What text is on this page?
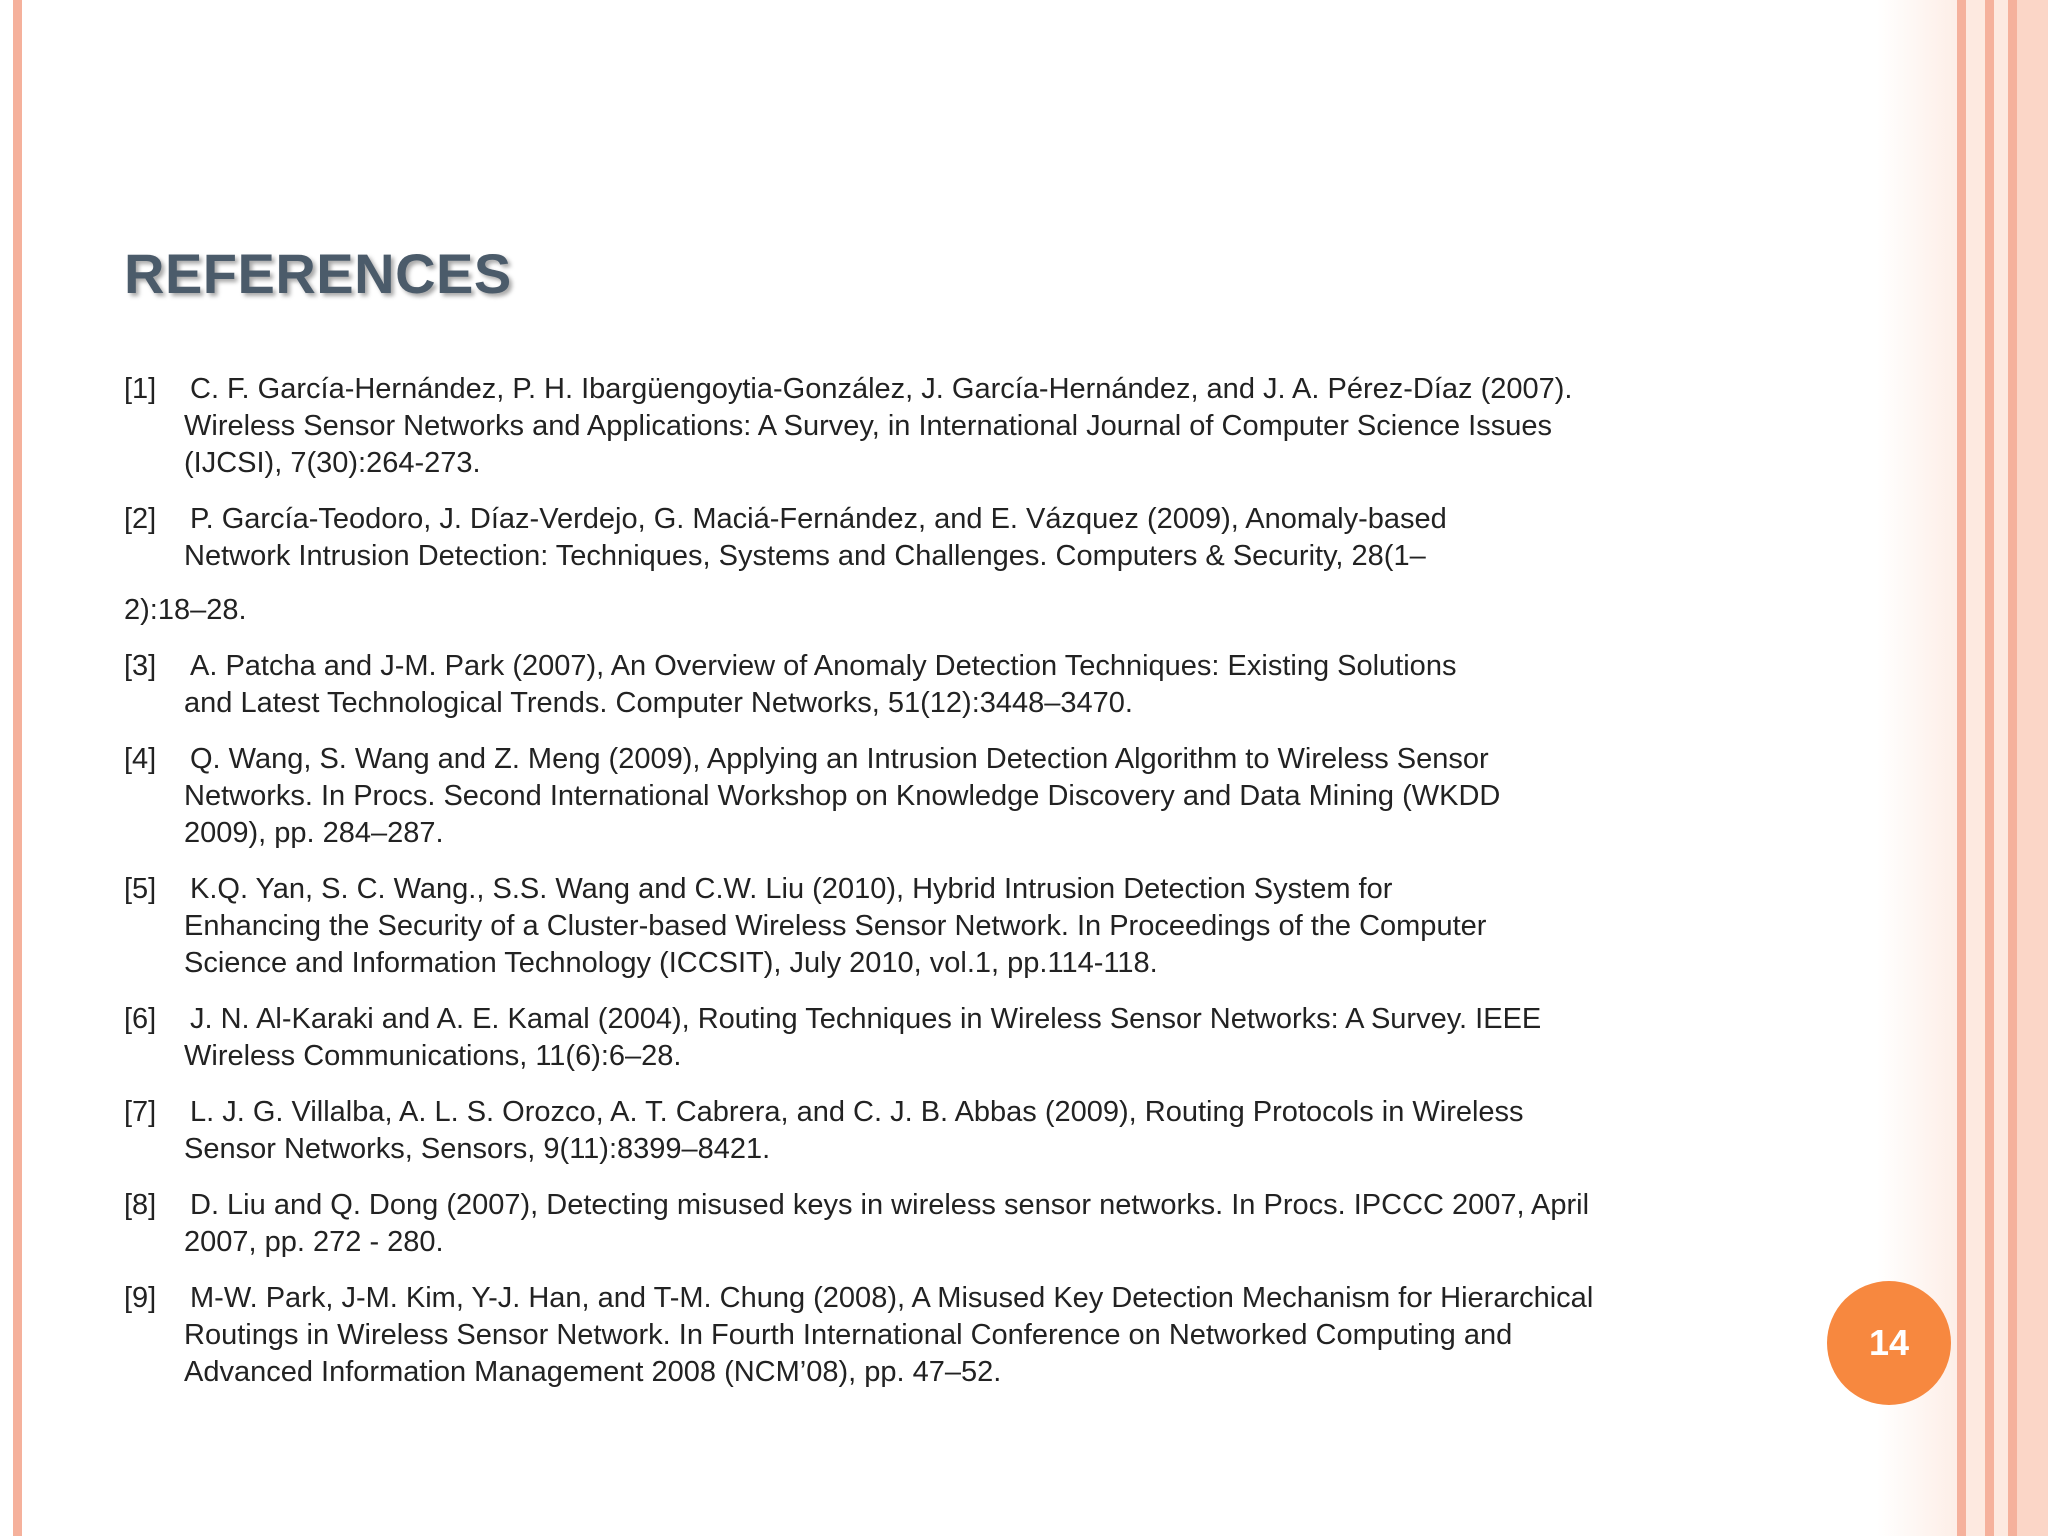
REFERENCES
[1] C. F. García-Hernández, P. H. Ibargüengoytia-González, J. García-Hernández, and J. A. Pérez-Díaz (2007).
Wireless Sensor Networks and Applications: A Survey, in International Journal of Computer Science Issues
(IJCSI), 7(30):264-273.
[2] P. García-Teodoro, J. Díaz-Verdejo, G. Maciá-Fernández, and E. Vázquez (2009), Anomaly-based
Network Intrusion Detection: Techniques, Systems and Challenges. Computers & Security, 28(1–
2):18–28.
[3] A. Patcha and J-M. Park (2007), An Overview of Anomaly Detection Techniques: Existing Solutions
and Latest Technological Trends. Computer Networks, 51(12):3448–3470.
[4] Q. Wang, S. Wang and Z. Meng (2009), Applying an Intrusion Detection Algorithm to Wireless Sensor
Networks. In Procs. Second International Workshop on Knowledge Discovery and Data Mining (WKDD
2009), pp. 284–287.
[5] K.Q. Yan, S. C. Wang., S.S. Wang and C.W. Liu (2010), Hybrid Intrusion Detection System for
Enhancing the Security of a Cluster-based Wireless Sensor Network. In Proceedings of the Computer
Science and Information Technology (ICCSIT), July 2010, vol.1, pp.114-118.
[6] J. N. Al-Karaki and A. E. Kamal (2004), Routing Techniques in Wireless Sensor Networks: A Survey. IEEE
Wireless Communications, 11(6):6–28.
[7] L. J. G. Villalba, A. L. S. Orozco, A. T. Cabrera, and C. J. B. Abbas (2009), Routing Protocols in Wireless
Sensor Networks, Sensors, 9(11):8399–8421.
[8] D. Liu and Q. Dong (2007), Detecting misused keys in wireless sensor networks. In Procs. IPCCC 2007, April
2007, pp. 272 - 280.
[9] M-W. Park, J-M. Kim, Y-J. Han, and T-M. Chung (2008), A Misused Key Detection Mechanism for Hierarchical
Routings in Wireless Sensor Network. In Fourth International Conference on Networked Computing and
Advanced Information Management 2008 (NCM’08), pp. 47–52.
14
